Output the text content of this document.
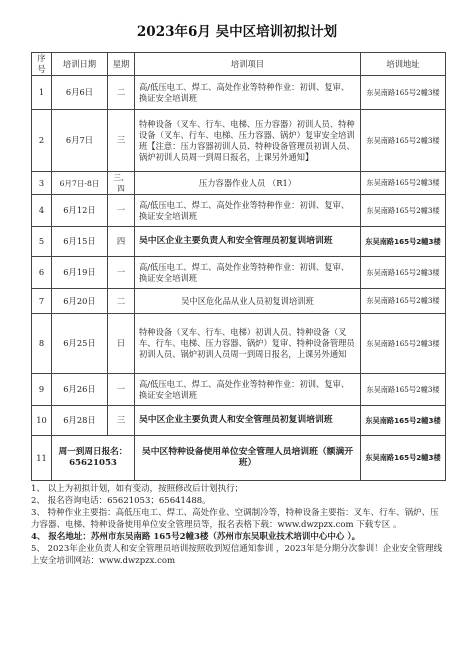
2023年6月 吴中区培训初拟计划
序号	培训日期	星期	培训项目	培训地址
1	6月6日	二	高/低压电工、焊工、高处作业等特种作业：初训、复审、换证安全培训班	东吴南路165号2幢3楼
2	6月7日	三	特种设备（叉车、行车、电梯、压力容器）初训人员、特种设备（叉车、行车、电梯、压力容器、锅炉）复审安全培训班【注意：压力容器初训人员、特种设备管理员初训人员、锅炉初训人员周一到周日报名，上课另外通知】	东吴南路165号2幢3楼
3	6月7日-8日	三、四	压力容器作业人员 （R1）	东吴南路165号2幢3楼
4	6月12日	一	高/低压电工、焊工、高处作业等特种作业：初训、复审、换证安全培训班	东吴南路165号2幢3楼
5	6月15日	四	吴中区企业主要负责人和安全管理员初复训培训班	东吴南路165号2幢3楼
6	6月19日	一	高/低压电工、焊工、高处作业等特种作业：初训、复审、换证安全培训班	东吴南路165号2幢3楼
7	6月20日	二	吴中区危化品从业人员初复训培训班	东吴南路165号2幢3楼
8	6月25日	日	特种设备（叉车、行车、电梯）初训人员、特种设备（叉车、行车、电梯、压力容器、锅炉）复审、特种设备管理员初训人员、锅炉初训人员周一到周日报名，上课另外通知	东吴南路165号2幢3楼
9	6月26日	一	高/低压电工、焊工、高处作业等特种作业：初训、复审、换证安全培训班	东吴南路165号2幢3楼
10	6月28日	三	吴中区企业主要负责人和安全管理员初复训培训班	东吴南路165号2幢3楼
11	周一到周日报名：65621053		吴中区特种设备使用单位安全管理人员培训班（额满开班）	东吴南路165号2幢3楼

1、 以上为初拟计划，如有变动，按照修改后计划执行；

2、 报名咨询电话：65621053；65641488。

3、 特种作业主要指：高低压电工、焊工、高处作业、空调制冷等，特种设备主要指：叉车、行车、锅炉、压力容器、电梯、特种设备使用单位安全管理员等，报名表格下载：www.dwzpzx.com 下载专区 。

4、 报名地址：苏州市东吴南路 165号2幢3楼（苏州市东吴职业技术培训中心中心 ）。

5、 2023年企业负责人和安全管理员培训按照收到短信通知参训 ，2023年是分期分次参训！企业安全管理线上安全培训网站：www.dwzpzx.com
